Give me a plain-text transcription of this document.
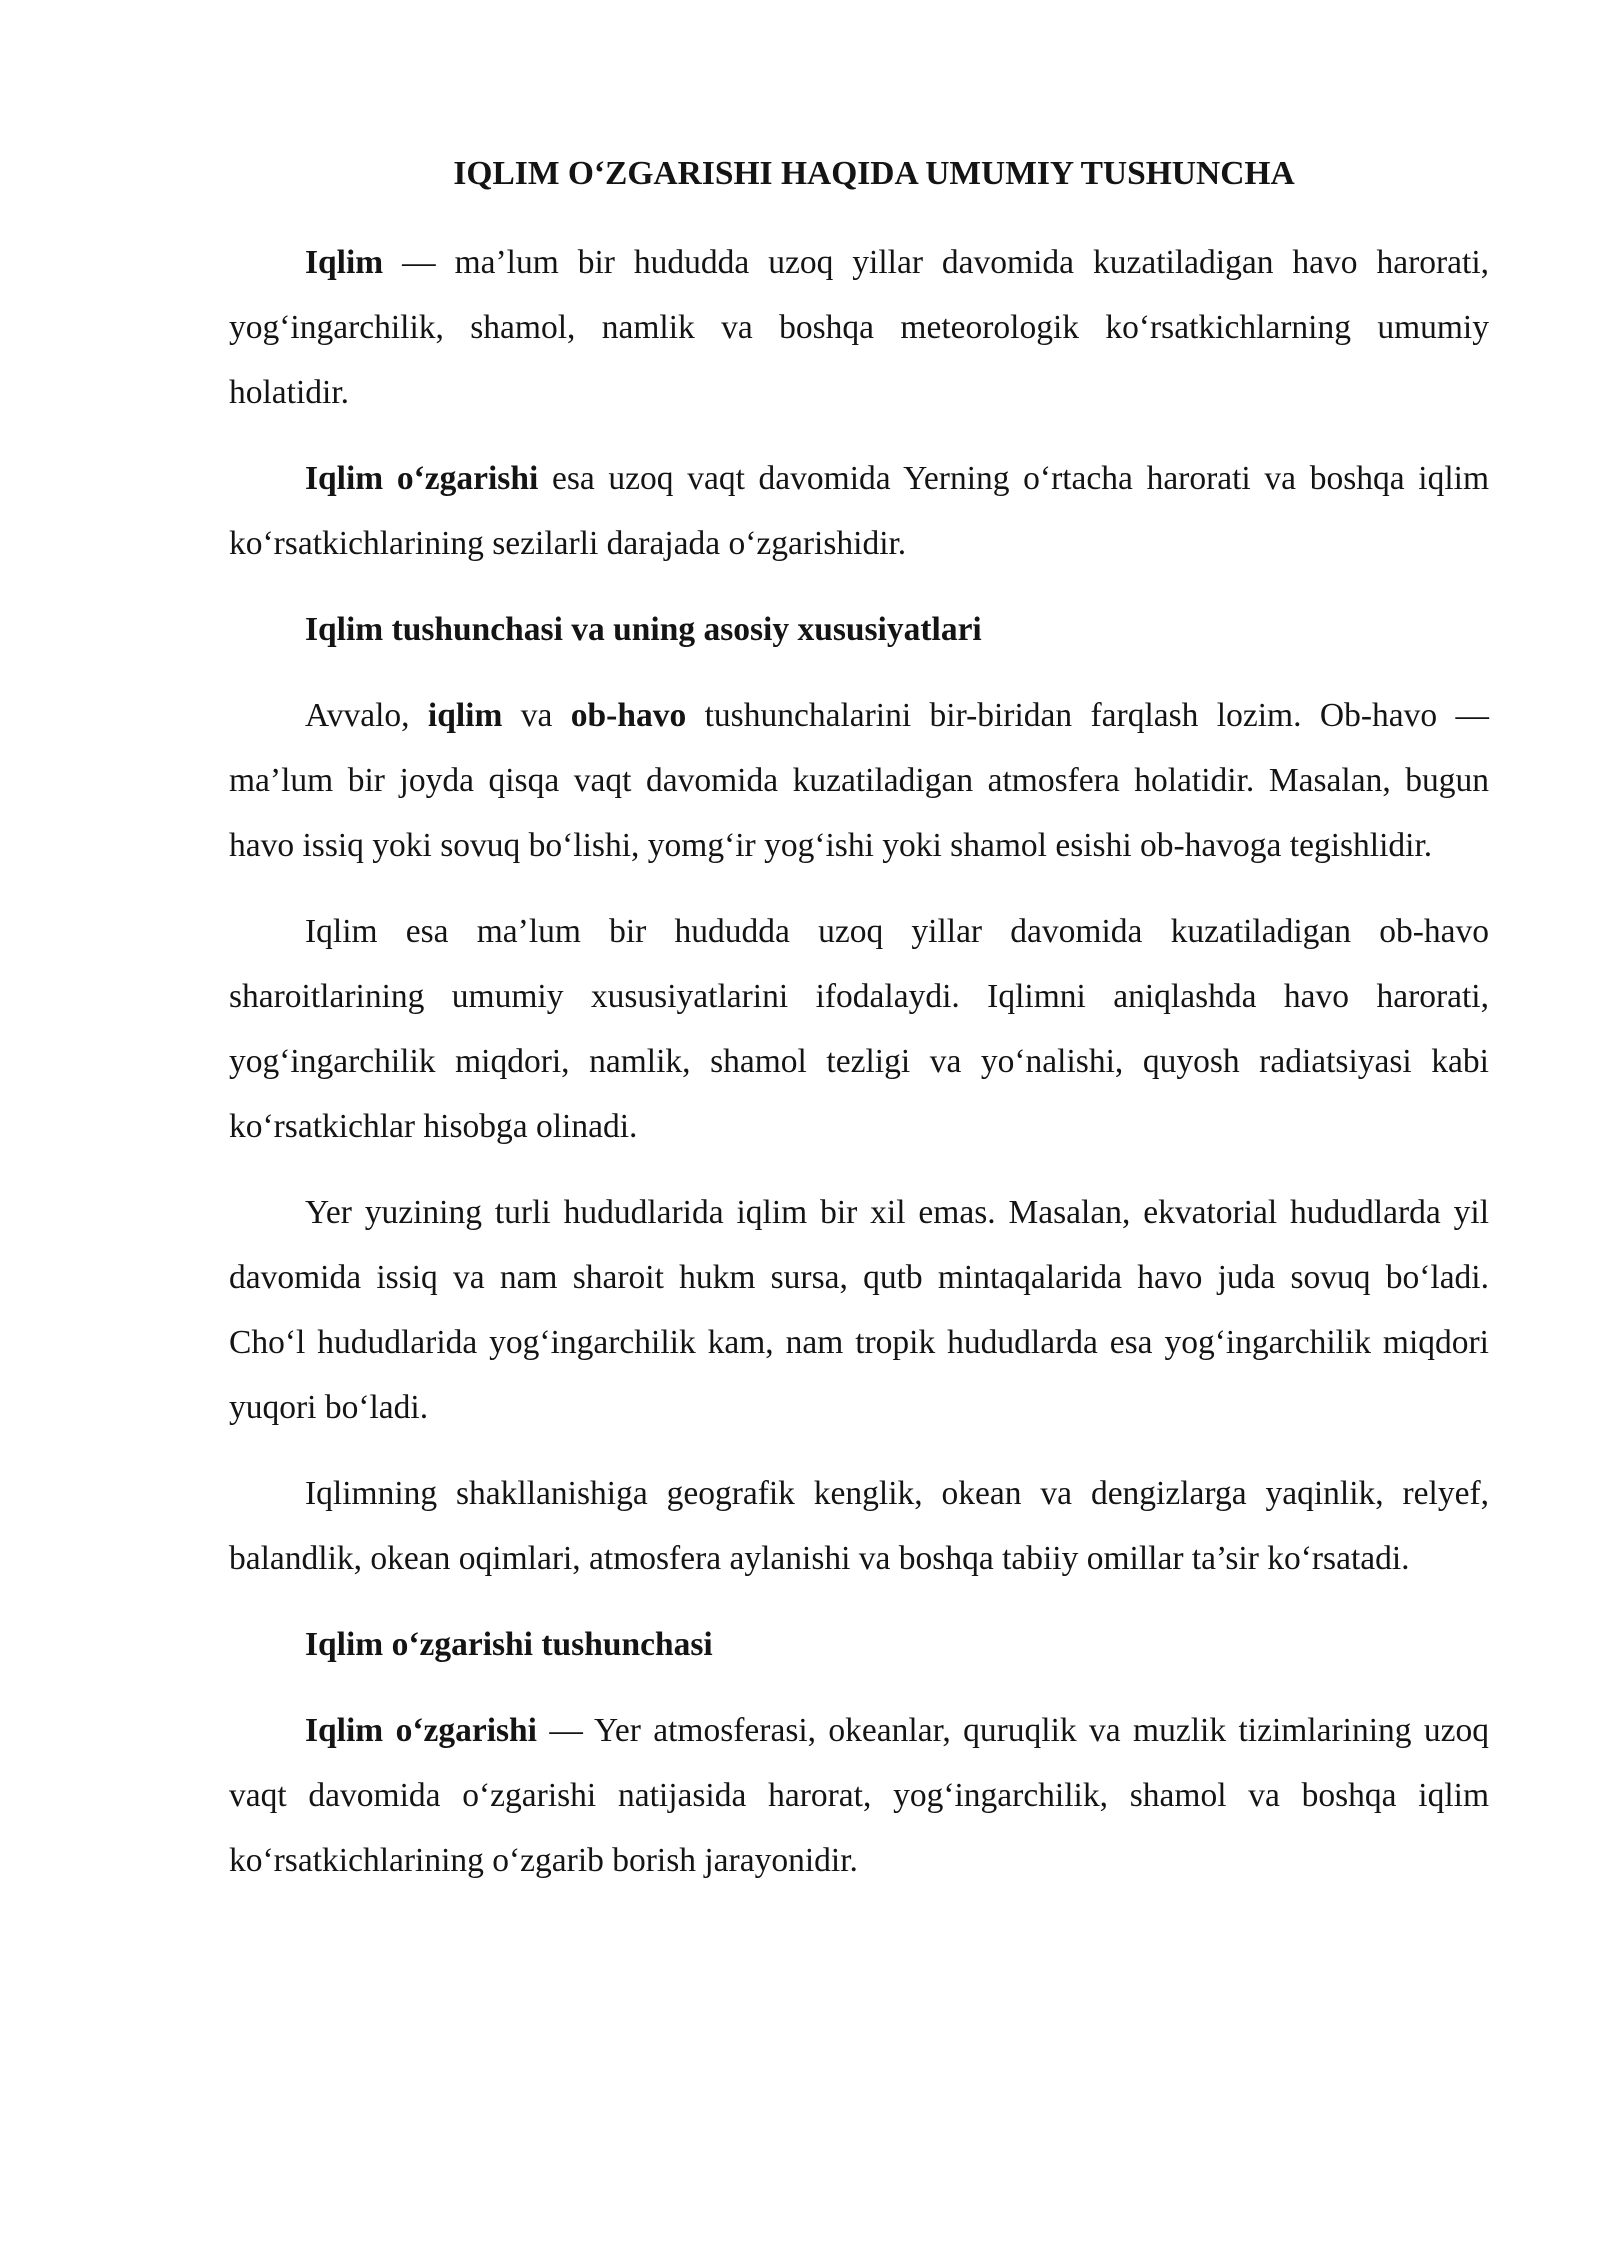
IQLIM O‘ZGARISHI HAQIDA UMUMIY TUSHUNCHA

Iqlim — ma’lum bir hududda uzoq yillar davomida kuzatiladigan havo harorati, yog‘ingarchilik, shamol, namlik va boshqa meteorologik ko‘rsatkichlarning umumiy holatidir.

Iqlim o‘zgarishi esa uzoq vaqt davomida Yerning o‘rtacha harorati va boshqa iqlim ko‘rsatkichlarining sezilarli darajada o‘zgarishidir.

Iqlim tushunchasi va uning asosiy xususiyatlari

Avvalo, iqlim va ob-havo tushunchalarini bir-biridan farqlash lozim. Ob-havo — ma’lum bir joyda qisqa vaqt davomida kuzatiladigan atmosfera holatidir. Masalan, bugun havo issiq yoki sovuq bo‘lishi, yomg‘ir yog‘ishi yoki shamol esishi ob-havoga tegishlidir.

Iqlim esa ma’lum bir hududda uzoq yillar davomida kuzatiladigan ob-havo sharoitlarining umumiy xususiyatlarini ifodalaydi. Iqlimni aniqlashda havo harorati, yog‘ingarchilik miqdori, namlik, shamol tezligi va yo‘nalishi, quyosh radiatsiyasi kabi ko‘rsatkichlar hisobga olinadi.

Yer yuzining turli hududlarida iqlim bir xil emas. Masalan, ekvatorial hududlarda yil davomida issiq va nam sharoit hukm sursa, qutb mintaqalarida havo juda sovuq bo‘ladi. Cho‘l hududlarida yog‘ingarchilik kam, nam tropik hududlarda esa yog‘ingarchilik miqdori yuqori bo‘ladi.

Iqlimning shakllanishiga geografik kenglik, okean va dengizlarga yaqinlik, relyef, balandlik, okean oqimlari, atmosfera aylanishi va boshqa tabiiy omillar ta’sir ko‘rsatadi.

Iqlim o‘zgarishi tushunchasi

Iqlim o‘zgarishi — Yer atmosferasi, okeanlar, quruqlik va muzlik tizimlarining uzoq vaqt davomida o‘zgarishi natijasida harorat, yog‘ingarchilik, shamol va boshqa iqlim ko‘rsatkichlarining o‘zgarib borish jarayonidir.
